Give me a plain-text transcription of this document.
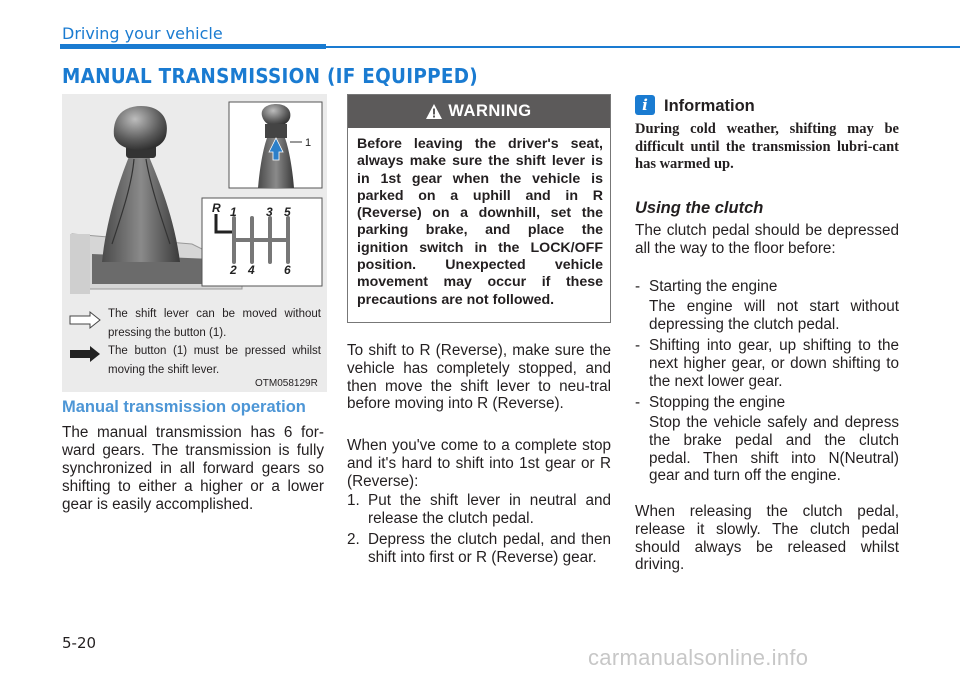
Driving your vehicle
MANUAL TRANSMISSION (IF EQUIPPED)
1
R 1 3 5
2 4 6
The shift lever can be moved without pressing the button (1).
The button (1) must be pressed whilst moving the shift lever.
OTM058129R
Manual transmission operation
The manual transmission has 6 for-ward gears. The transmission is fully synchronized in all forward gears so shifting to either a higher or a lower gear is easily accomplished.
WARNING
Before leaving the driver's seat, always make sure the shift lever is in 1st gear when the vehicle is parked on a uphill and in R (Reverse) on a downhill, set the parking brake, and place the ignition switch in the LOCK/OFF position. Unexpected vehicle movement may occur if these precautions are not followed.
To shift to R (Reverse), make sure the vehicle has completely stopped, and then move the shift lever to neu-tral before moving into R (Reverse).
When you've come to a complete stop and it's hard to shift into 1st gear or R (Reverse):
1. Put the shift lever in neutral and release the clutch pedal.
2. Depress the clutch pedal, and then shift into first or R (Reverse) gear.
i Information
During cold weather, shifting may be difficult until the transmission lubri-cant has warmed up.
Using the clutch
The clutch pedal should be depressed all the way to the floor before:
- Starting the engine
The engine will not start without depressing the clutch pedal.
- Shifting into gear, up shifting to the next higher gear, or down shifting to the next lower gear.
- Stopping the engine
Stop the vehicle safely and depress the brake pedal and the clutch pedal. Then shift into N(Neutral) gear and turn off the engine.
When releasing the clutch pedal, release it slowly. The clutch pedal should always be released whilst driving.
5-20
carmanualsonline.info
